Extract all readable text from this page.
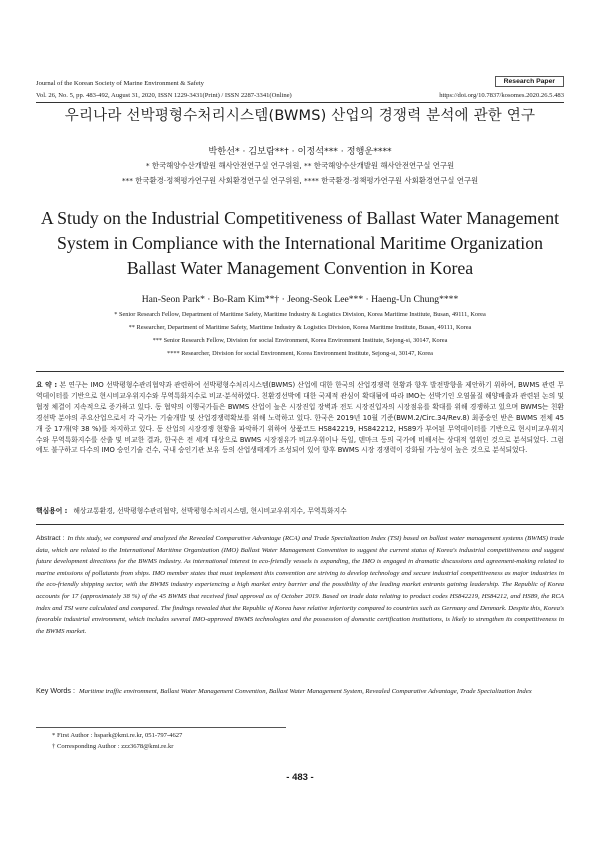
Journal of the Korean Society of Marine Environment & Safety
Vol. 26, No. 5, pp. 483-492, August 31, 2020, ISSN 1229-3431(Print) / ISSN 2287-3341(Online)
Research Paper
https://doi.org/10.7837/kosomes.2020.26.5.483
우리나라 선박평형수처리시스템(BWMS) 산업의 경쟁력 분석에 관한 연구
박한선* · 김보람**† · 이정석*** · 정행운****
* 한국해양수산개발원 해사안전연구실 연구위원, ** 한국해양수산개발원 해사안전연구실 연구원
*** 한국환경·정책평가연구원 사회환경연구실 연구위원, **** 한국환경·정책평가연구원 사회환경연구실 연구원
A Study on the Industrial Competitiveness of Ballast Water Management System in Compliance with the International Maritime Organization Ballast Water Management Convention in Korea
Han-Seon Park* · Bo-Ram Kim**† · Jeong-Seok Lee*** · Haeng-Un Chung****
* Senior Research Fellow, Department of Maritime Safety, Maritime Industry & Logistics Division, Korea Maritime Institute, Busan, 49111, Korea
** Researcher, Department of Maritime Safety, Maritime Industry & Logistics Division, Korea Maritime Institute, Busan, 49111, Korea
*** Senior Research Fellow, Division for social Environment, Korea Environment Institute, Sejong-si, 30147, Korea
**** Researcher, Division for social Environment, Korea Environment Institute, Sejong-si, 30147, Korea
요 약 : 본 연구는 IMO 선박평형수관리협약과 관련하여 선박평형수처리시스템(BWMS) 산업에 대한 한국의 산업경쟁력 현황과 향후 발전방향을 제안하기 위하여, BWMS 관련 무역데이터를 기반으로 현시비교우위지수와 무역특화지수로 비교·분석하였다. 친환경선박에 대한 국제적 관심이 확대됨에 따라 IMO는 선박기인 오염물질 해양배출과 관련된 논의 및 협정 체결이 지속적으로 증가하고 있다. 동 협약의 이행국가들은 BWMS 산업이 높은 시장진입 장벽과 전도 시장진입자의 시장점유를 확대를 위해 경쟁하고 있으며 BWMS는 친환경선박 분야의 주요산업으로서 각 국가는 기술개발 및 산업경쟁력확보를 위해 노력하고 있다. 한국은 2019년 10월 기준(BWM.2/Circ.34/Rev.8) 최종승인 받은 BWMS 전체 45개 중 17개(약 38 %)를 차지하고 있다. 동 산업의 시장경쟁 현황을 파악하기 위하여 상품코드 HS842219, HS842212, HS89가 부여된 무역데이터를 기반으로 현시비교우위지수와 무역특화지수를 산출 및 비교한 결과, 한국은 전 세계 대상으로 BWMS 시장점유가 비교우위이나 독일, 덴마크 등의 국가에 비해서는 상대적 열위인 것으로 분석되었다. 그럼에도 불구하고 다수의 IMO 승인기술 건수, 국내 승인기관 보유 등의 산업생태계가 조성되어 있어 향후 BWMS 시장 경쟁력이 강화될 가능성이 높은 것으로 분석되었다.
핵심용어 : 해상교통환경, 선박평형수관리협약, 선박평형수처리시스템, 현시비교우위지수, 무역특화지수
Abstract : In this study, we compared and analyzed the Revealed Comparative Advantage (RCA) and Trade Specialization Index (TSI) based on ballast water management systems (BWMS) trade data, which are related to the International Maritime Organization (IMO) Ballast Water Management Convention to suggest the current status of Korea's industrial competitiveness and suggest future development directions for the BWMS industry. As international interest in eco-friendly vessels is expanding, the IMO is engaged in dramatic discussions and agreement-making related to marine emissions of pollutants from ships. IMO member states that must implement this convention are striving to develop technology and secure industrial competitiveness as major industries in the eco-friendly shipping sector, with the BWMS industry experiencing a high market entry barrier and the possibility of the leading market entrants gaining leadership. The Republic of Korea accounts for 17 (approximately 38 %) of the 45 BWMS that received final approval as of October 2019. Based on trade data relating to product codes HS842219, HS84212, and HS89, the RCA index and TSI were calculated and compared. The findings revealed that the Republic of Korea have relative inferiority compared to countries such as Germany and Denmark. Despite this, Korea's favorable industrial environment, which includes several IMO-approved BWMS technologies and the possession of domestic certification institutions, is likely to strengthen its competitiveness in the BWMS market.
Key Words : Maritime traffic environment, Ballast Water Management Convention, Ballast Water Management System, Revealed Comparative Advantage, Trade Specialization Index
* First Author : hspark@kmi.re.kr, 051-797-4627
† Corresponding Author : zzz3678@kmi.re.kr
- 483 -
